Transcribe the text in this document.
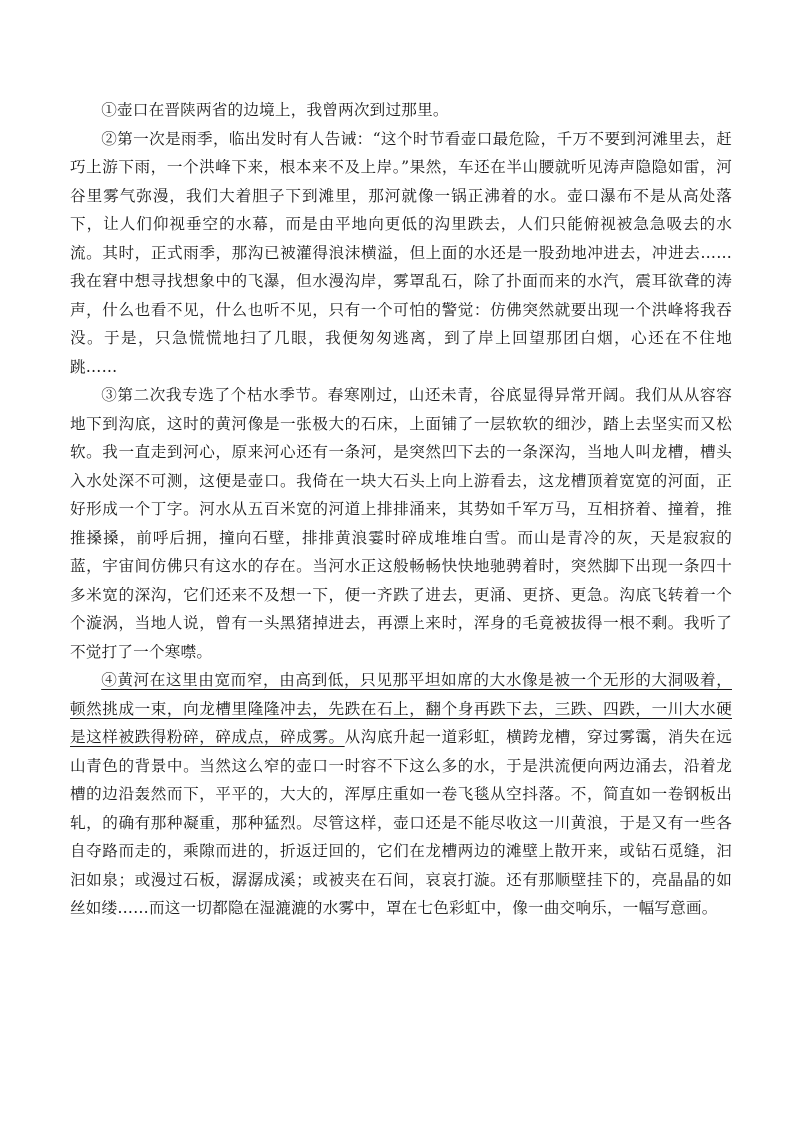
①壶口在晋陕两省的边境上，我曾两次到过那里。

②第一次是雨季，临出发时有人告诫：“这个时节看壶口最危险，千万不要到河滩里去，赶巧上游下雨，一个洪峰下来，根本来不及上岸。”果然，车还在半山腰就听见涛声隐隐如雷，河谷里雾气弥漫，我们大着胆子下到滩里，那河就像一锅正沸着的水。壶口瀑布不是从高处落下，让人们仰视垂空的水幕，而是由平地向更低的沟里跌去，人们只能俯视被急急吸去的水流。其时，正式雨季，那沟已被灌得浪沫横溢，但上面的水还是一股劲地冲进去，冲进去……我在窘中想寻找想象中的飞瀑，但水漫沟岸，雾罩乱石，除了扑面而来的水汽，震耳欲聋的涛声，什么也看不见，什么也听不见，只有一个可怕的警觉：仿佛突然就要出现一个洪峰将我吞没。于是，只急慌慌地扫了几眼，我便匆匆逃离，到了岸上回望那团白烟，心还在不住地跳……

③第二次我专选了个枯水季节。春寒刚过，山还未青，谷底显得异常开阔。我们从从容容地下到沟底，这时的黄河像是一张极大的石床，上面铺了一层软软的细沙，踏上去坚实而又松软。我一直走到河心，原来河心还有一条河，是突然凹下去的一条深沟，当地人叫龙槽，槽头入水处深不可测，这便是壶口。我倚在一块大石头上向上游看去，这龙槽顶着宽宽的河面，正好形成一个丁字。河水从五百米宽的河道上排排涌来，其势如千军万马，互相挤着、撞着，推推搡搡，前呼后拥，撞向石壁，排排黄浪霎时碎成堆堆白雪。而山是青冷的灰，天是寂寂的蓝，宇宙间仿佛只有这水的存在。当河水正这般畅畅快快地驰骋着时，突然脚下出现一条四十多米宽的深沟，它们还来不及想一下，便一齐跌了进去，更涌、更挤、更急。沟底飞转着一个个漩涡，当地人说，曾有一头黑猪掉进去，再漂上来时，浑身的毛竟被拔得一根不剩。我听了不觉打了一个寒噤。

④黄河在这里由宽而窄，由高到低，只见那平坦如席的大水像是被一个无形的大洞吸着，顿然挑成一束，向龙槽里隆隆冲去，先跌在石上，翻个身再跌下去，三跌、四跌，一川大水硬是这样被跌得粉碎，碎成点，碎成雾。从沟底升起一道彩虹，横跨龙槽，穿过雾霭，消失在远山青色的背景中。当然这么窄的壶口一时容不下这么多的水，于是洪流便向两边涌去，沿着龙槽的边沿轰然而下，平平的，大大的，浑厚庄重如一卷飞毯从空抖落。不，简直如一卷钢板出轧，的确有那种凝重，那种猛烈。尽管这样，壶口还是不能尽收这一川黄浪，于是又有一些各自夺路而走的，乘隙而进的，折返迂回的，它们在龙槽两边的滩壁上散开来，或钻石觅缝，汩汩如泉；或漫过石板，潺潺成溪；或被夹在石间，哀哀打漩。还有那顺壁挂下的，亮晶晶的如丝如缕……而这一切都隐在湿漉漉的水雾中，罩在七色彩虹中，像一曲交响乐，一幅写意画。
